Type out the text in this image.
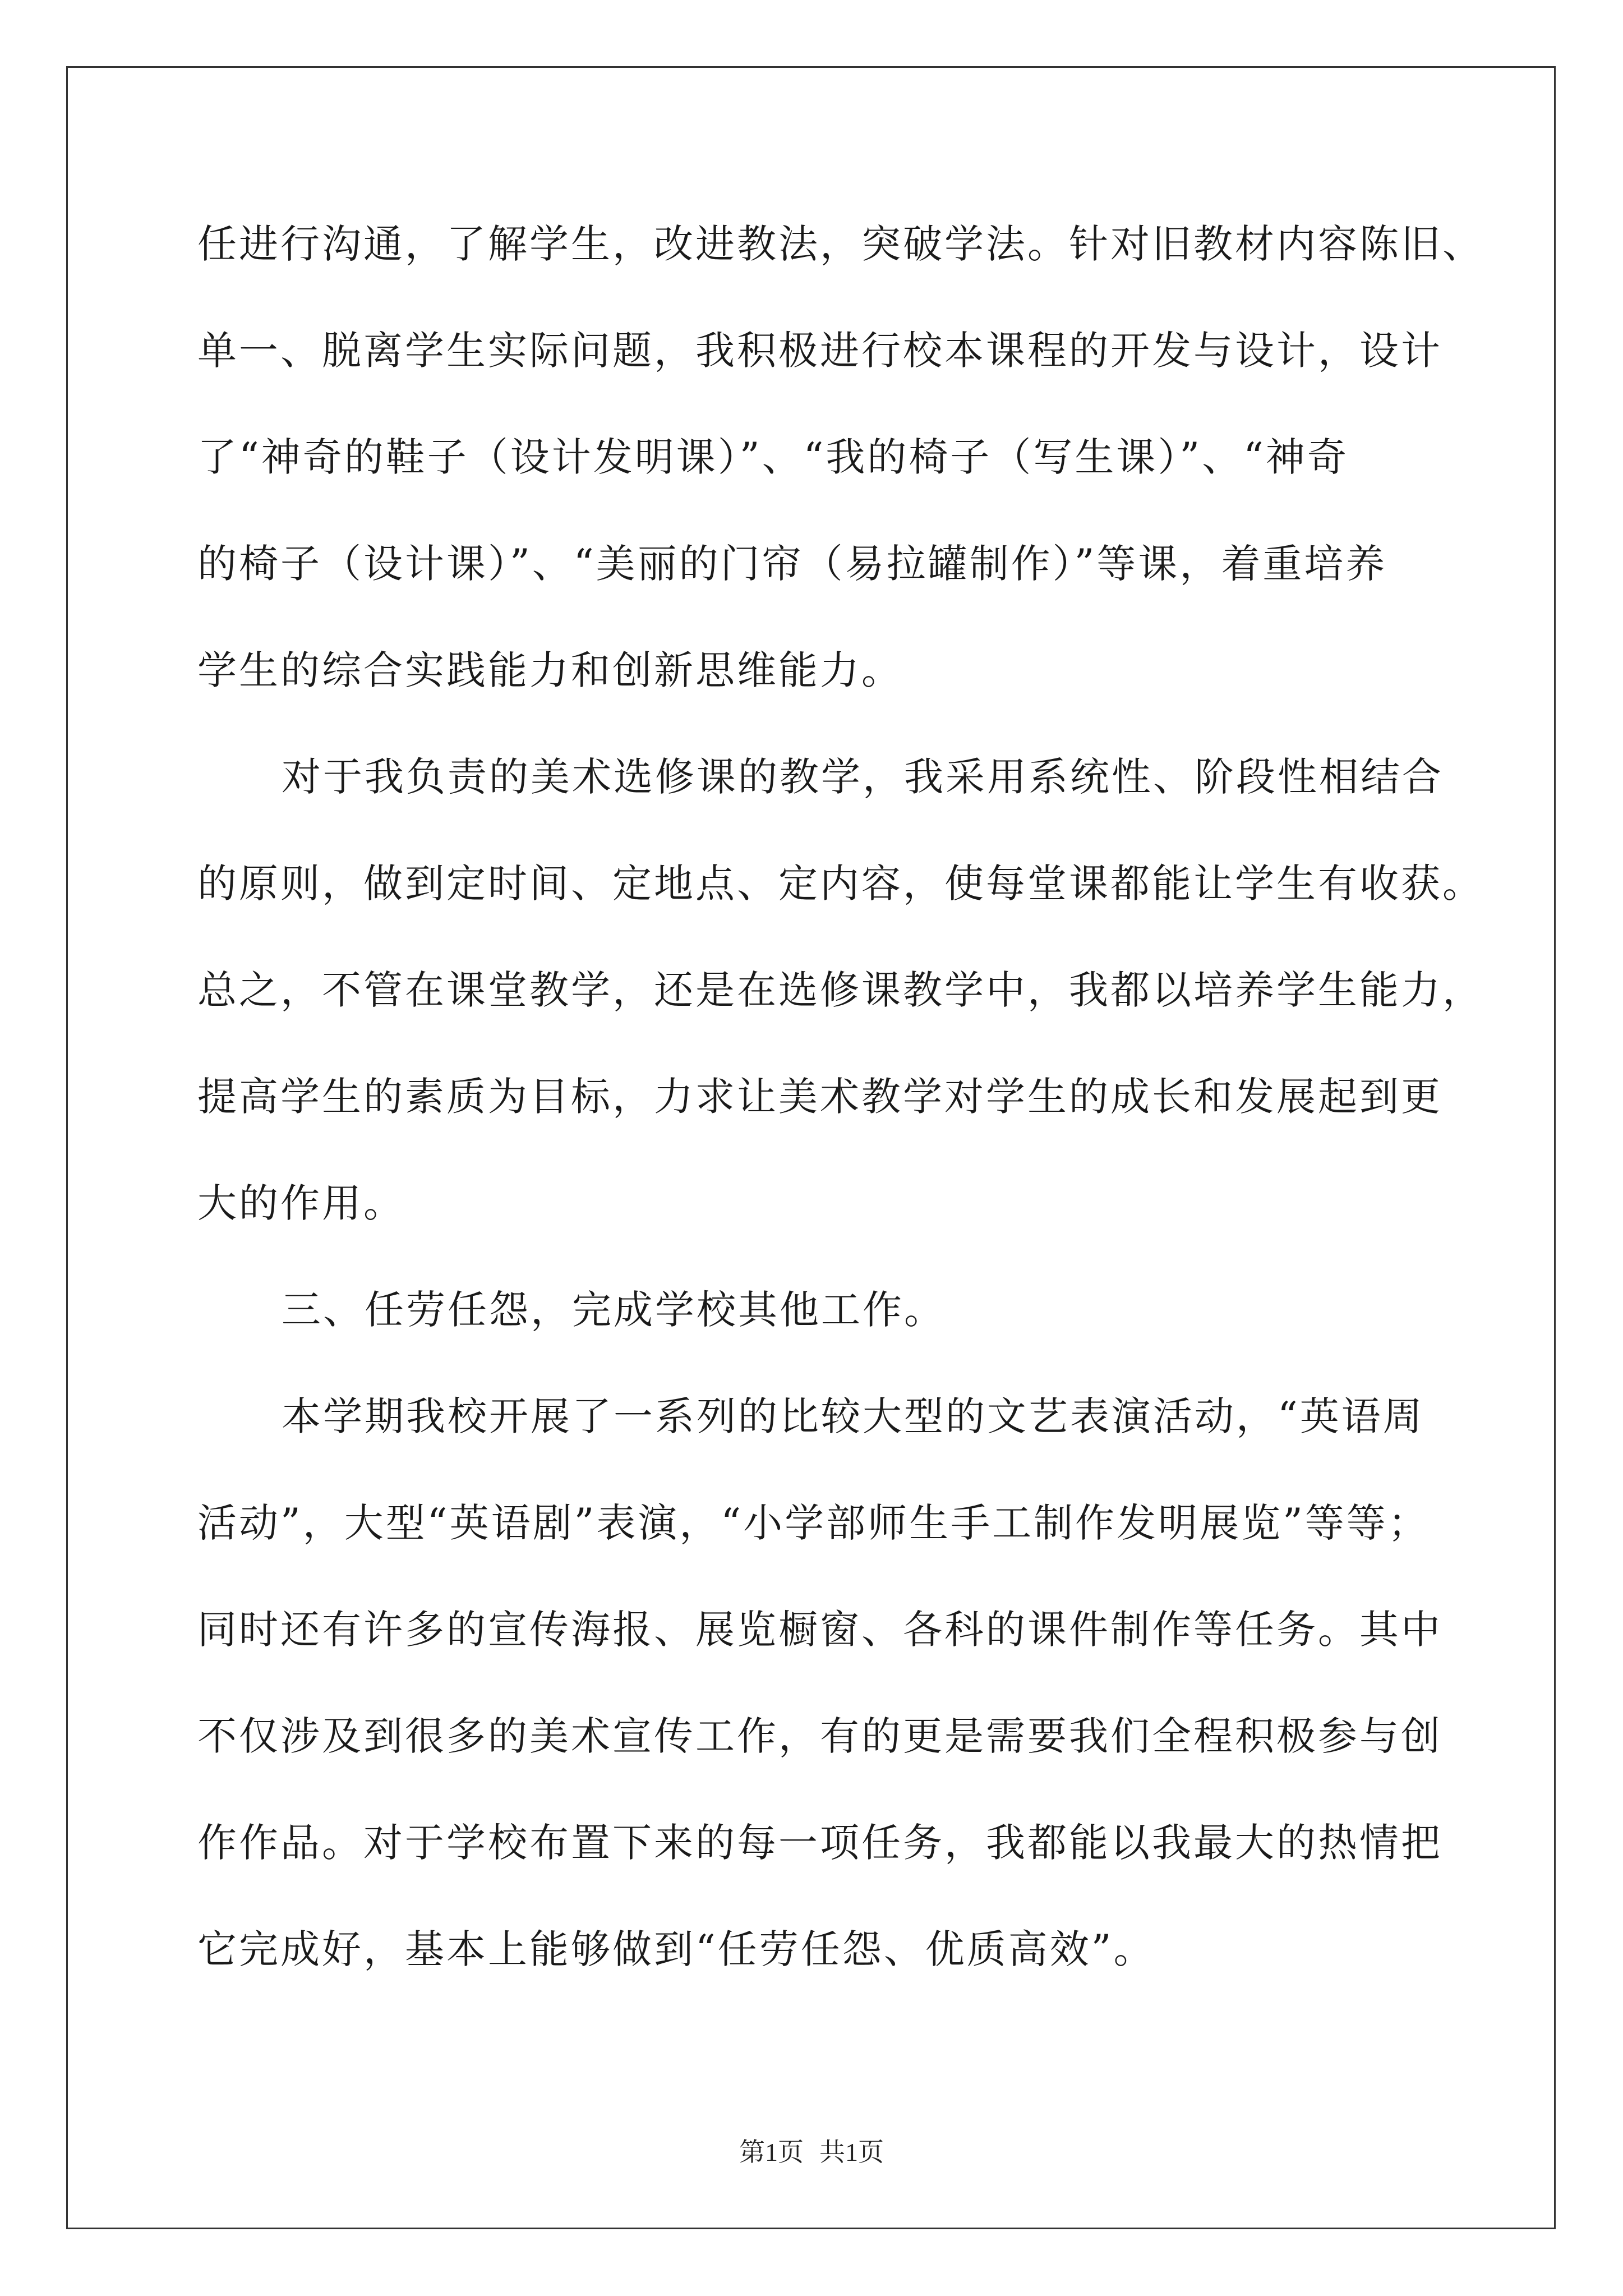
任进行沟通，了解学生，改进教法，突破学法。针对旧教材内容陈旧、
单一、脱离学生实际问题，我积极进行校本课程的开发与设计，设计
了“神奇的鞋子（设计发明课）”、“我的椅子（写生课）”、“神奇
的椅子（设计课）”、“美丽的门帘（易拉罐制作）”等课，着重培养
学生的综合实践能力和创新思维能力。
对于我负责的美术选修课的教学，我采用系统性、阶段性相结合
的原则，做到定时间、定地点、定内容，使每堂课都能让学生有收获。
总之，不管在课堂教学，还是在选修课教学中，我都以培养学生能力，
提高学生的素质为目标，力求让美术教学对学生的成长和发展起到更
大的作用。
三、任劳任怨，完成学校其他工作。
本学期我校开展了一系列的比较大型的文艺表演活动，“英语周
活动”，大型“英语剧”表演，“小学部师生手工制作发明展览”等等；
同时还有许多的宣传海报、展览橱窗、各科的课件制作等任务。其中
不仅涉及到很多的美术宣传工作，有的更是需要我们全程积极参与创
作作品。对于学校布置下来的每一项任务，我都能以我最大的热情把
它完成好，基本上能够做到“任劳任怨、优质高效”。
第1页 共1页
